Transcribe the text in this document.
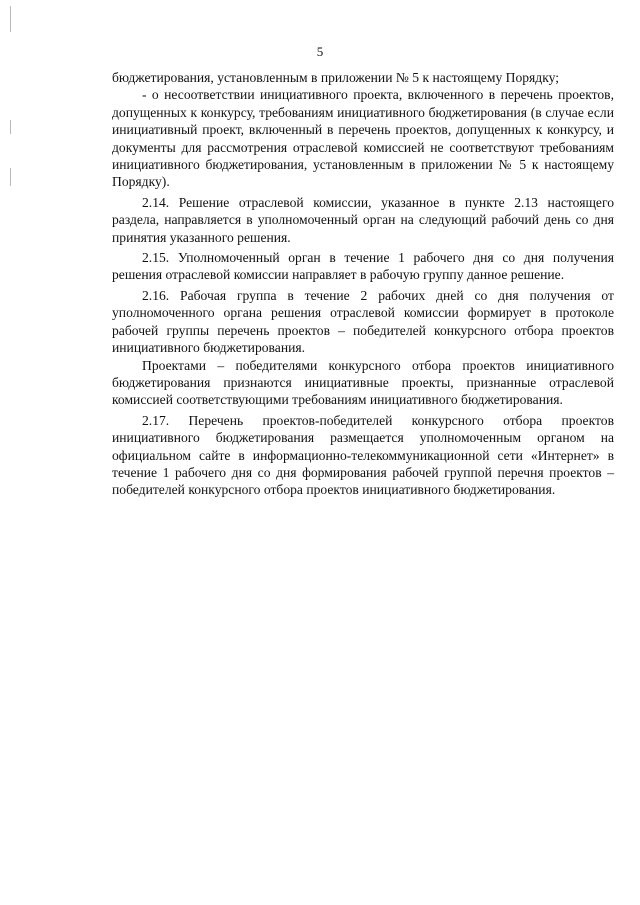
5

бюджетирования, установленным в приложении № 5 к настоящему Порядку;

- о несоответствии инициативного проекта, включенного в перечень проектов, допущенных к конкурсу, требованиям инициативного бюджетирования (в случае если инициативный проект, включенный в перечень проектов, допущенных к конкурсу, и документы для рассмотрения отраслевой комиссией не соответствуют требованиям инициативного бюджетирования, установленным в приложении № 5 к настоящему Порядку).

2.14. Решение отраслевой комиссии, указанное в пункте 2.13 настоящего раздела, направляется в уполномоченный орган на следующий рабочий день со дня принятия указанного решения.

2.15. Уполномоченный орган в течение 1 рабочего дня со дня получения решения отраслевой комиссии направляет в рабочую группу данное решение.

2.16. Рабочая группа в течение 2 рабочих дней со дня получения от уполномоченного органа решения отраслевой комиссии формирует в протоколе рабочей группы перечень проектов – победителей конкурсного отбора проектов инициативного бюджетирования.

Проектами – победителями конкурсного отбора проектов инициативного бюджетирования признаются инициативные проекты, признанные отраслевой комиссией соответствующими требованиям инициативного бюджетирования.

2.17. Перечень проектов-победителей конкурсного отбора проектов инициативного бюджетирования размещается уполномоченным органом на официальном сайте в информационно-телекоммуникационной сети «Интернет» в течение 1 рабочего дня со дня формирования рабочей группой перечня проектов – победителей конкурсного отбора проектов инициативного бюджетирования.
